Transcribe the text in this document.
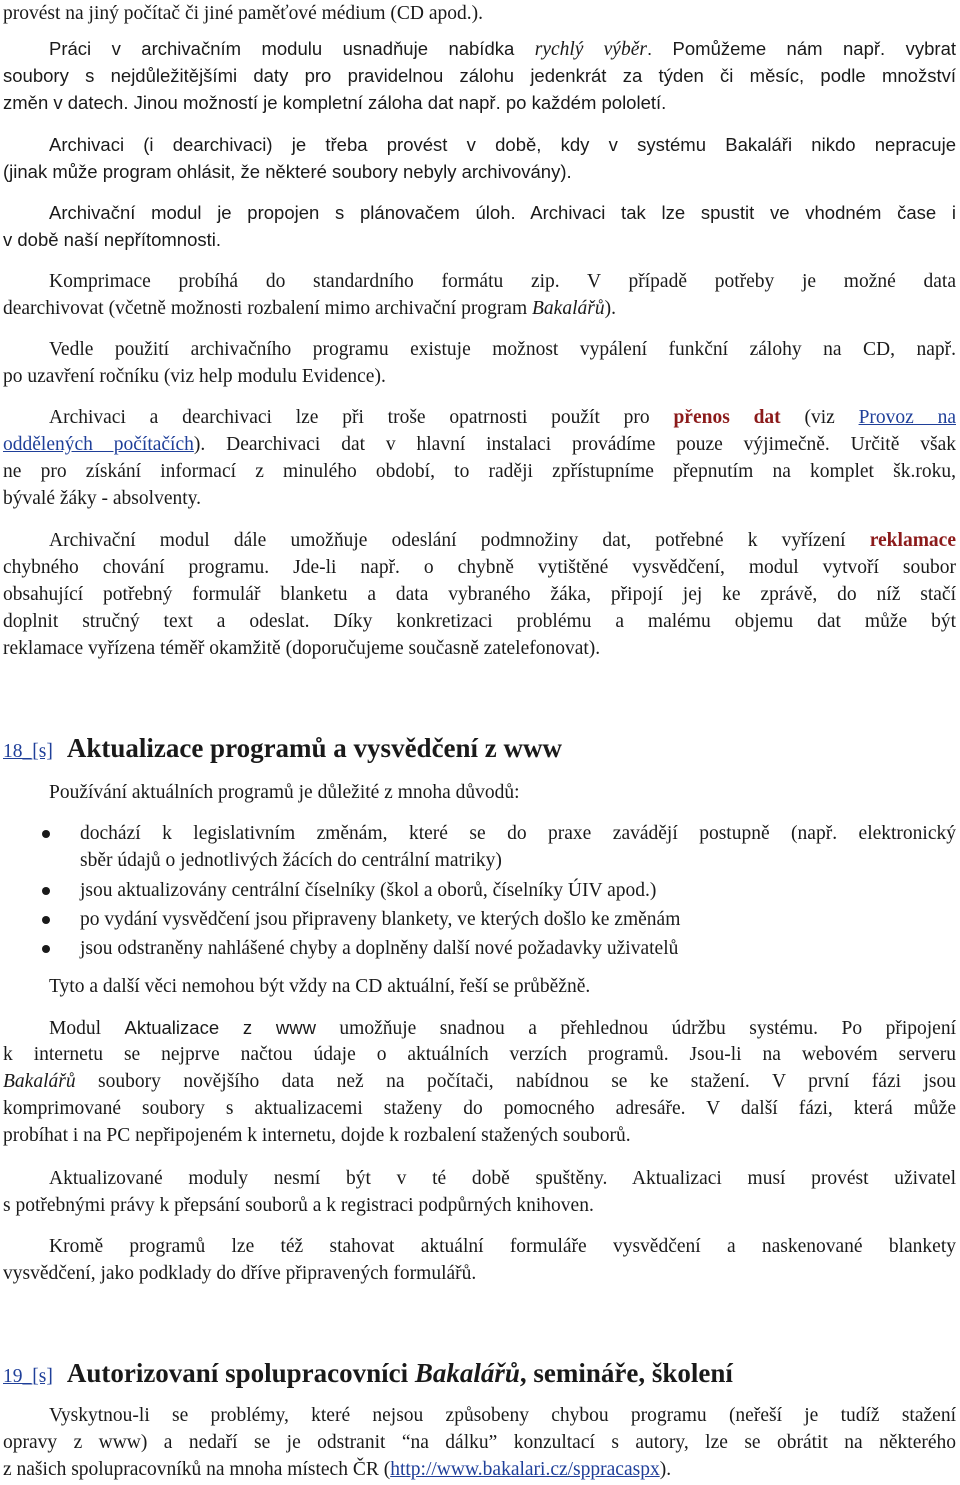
provést na jiný počítač či jiné paměťové médium (CD apod.).
Práci v archivačním modulu usnadňuje nabídka rychlý výběr. Pomůžeme nám např. vybrat
soubory s nejdůležitějšími daty pro pravidelnou zálohu jedenkrát za týden či měsíc, podle množství
změn v datech. Jinou možností je kompletní záloha dat např. po každém pololetí.
Archivaci (i dearchivaci) je třeba provést v době, kdy v systému Bakaláři nikdo nepracuje
(jinak může program ohlásit, že některé soubory nebyly archivovány).
Archivační modul je propojen s plánovačem úloh. Archivaci tak lze spustit ve vhodném čase i
v době naší nepřítomnosti.
Komprimace probíhá do standardního formátu zip. V případě potřeby je možné data
dearchivovat (včetně možnosti rozbalení mimo archivační program Bakalářů).
Vedle použití archivačního programu existuje možnost vypálení funkční zálohy na CD, např.
po uzavření ročníku (viz help modulu Evidence).
Archivaci a dearchivaci lze při troše opatrnosti použít pro přenos dat (viz Provoz na
oddělených počítačích). Dearchivaci dat v hlavní instalaci provádíme pouze výjimečně. Určitě však
ne pro získání informací z minulého období, to raději zpřístupníme přepnutím na komplet šk.roku,
bývalé žáky - absolventy.
Archivační modul dále umožňuje odeslání podmnožiny dat, potřebné k vyřízení reklamace
chybného chování programu. Jde-li např. o chybně vytištěné vysvědčení, modul vytvoří soubor
obsahující potřebný formulář blanketu a data vybraného žáka, připojí jej ke zprávě, do níž stačí
doplnit stručný text a odeslat. Díky konkretizaci problému a malému objemu dat může být
reklamace vyřízena téměř okamžitě (doporučujeme současně zatelefonovat).
18_[s] Aktualizace programů a vysvědčení z www
Používání aktuálních programů je důležité z mnoha důvodů:
dochází k legislativním změnám, které se do praxe zavádějí postupně (např. elektronický
sběr údajů o jednotlivých žácích do centrální matriky)
jsou aktualizovány centrální číselníky (škol a oborů, číselníky ÚIV apod.)
po vydání vysvědčení jsou připraveny blankety, ve kterých došlo ke změnám
jsou odstraněny nahlášené chyby a doplněny další nové požadavky uživatelů
Tyto a další věci nemohou být vždy na CD aktuální, řeší se průběžně.
Modul Aktualizace z www umožňuje snadnou a přehlednou údržbu systému. Po připojení
k internetu se nejprve načtou údaje o aktuálních verzích programů. Jsou-li na webovém serveru
Bakalářů soubory novějšího data než na počítači, nabídnou se ke stažení. V první fázi jsou
komprimované soubory s aktualizacemi staženy do pomocného adresáře. V další fázi, která může
probíhat i na PC nepřipojeném k internetu, dojde k rozbalení stažených souborů.
Aktualizované moduly nesmí být v té době spuštěny. Aktualizaci musí provést uživatel
s potřebnými právy k přepsání souborů a k registraci podpůrných knihoven.
Kromě programů lze též stahovat aktuální formuláře vysvědčení a naskenované blankety
vysvědčení, jako podklady do dříve připravených formulářů.
19_[s] Autorizovaní spolupracovníci Bakalářů, semináře, školení
Vyskytnou-li se problémy, které nejsou způsobeny chybou programu (neřeší je tudíž stažení
opravy z www) a nedaří se je odstranit “na dálku” konzultací s autory, lze se obrátit na některého
z našich spolupracovníků na mnoha místech ČR (http://www.bakalari.cz/sppracaspx).
